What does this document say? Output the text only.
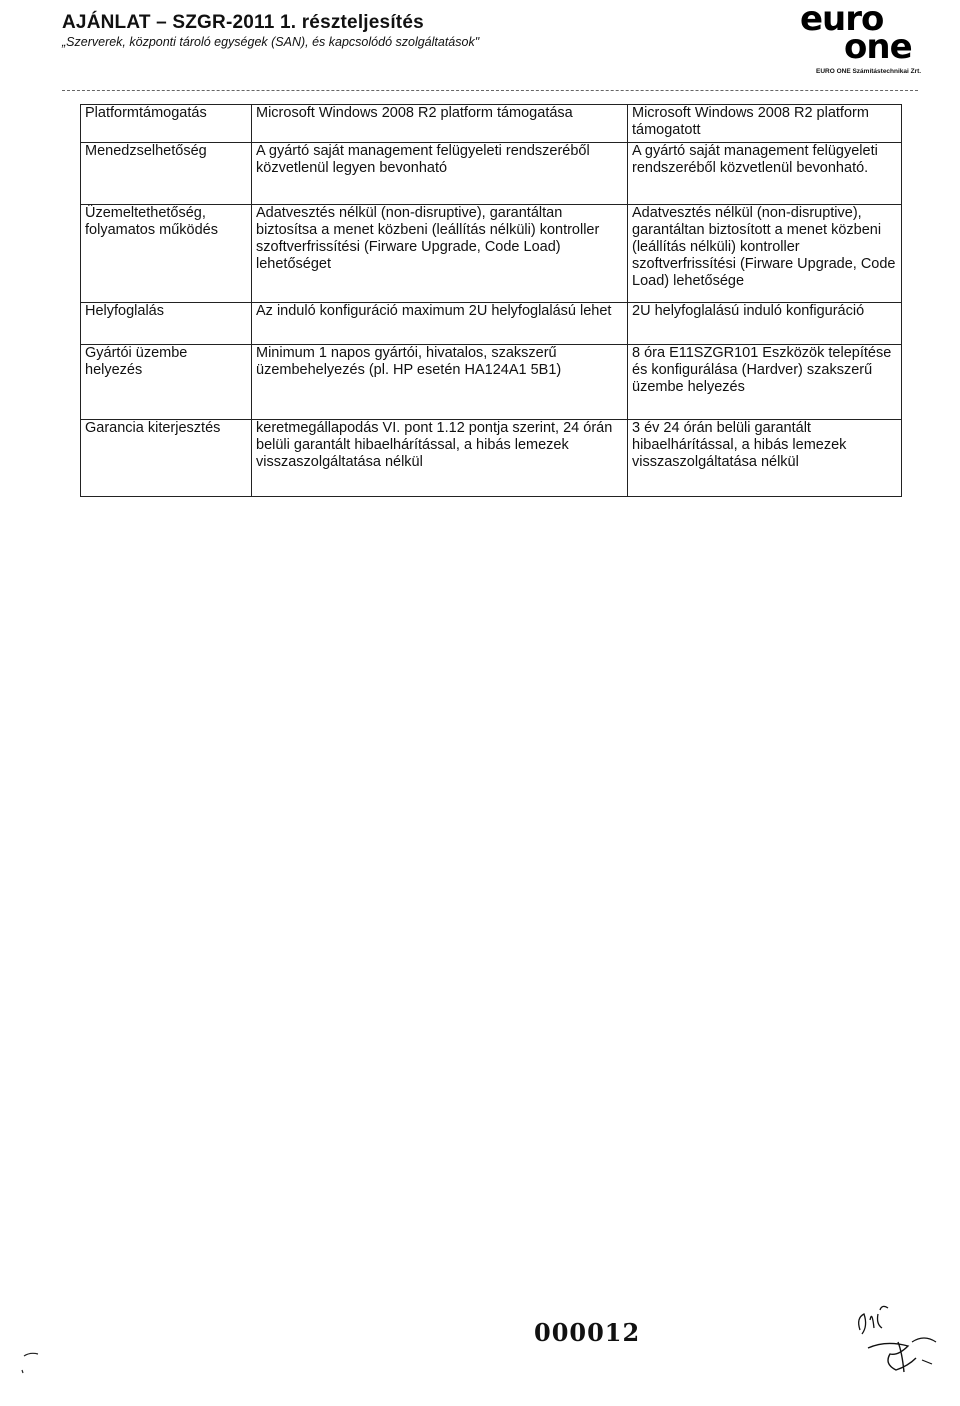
AJÁNLAT – SZGR-2011 1. részteljesítés
„Szerverek, központi tároló egységek (SAN), és kapcsolódó szolgáltatások"
euro
one
EURO ONE Számítástechnikai Zrt.
Platformtámogatás	Microsoft Windows 2008 R2 platform támogatása	Microsoft Windows 2008 R2 platform támogatott
Menedzselhetőség	A gyártó saját management felügyeleti rendszeréből közvetlenül legyen bevonható	A gyártó saját management felügyeleti rendszeréből közvetlenül bevonható.
Üzemeltethetőség, folyamatos működés	Adatvesztés nélkül (non-disruptive), garantáltan biztosítsa a menet közbeni (leállítás nélküli) kontroller szoftverfrissítési (Firware Upgrade, Code Load) lehetőséget	Adatvesztés nélkül (non-disruptive), garantáltan biztosított a menet közbeni (leállítás nélküli) kontroller szoftverfrissítési (Firware Upgrade, Code Load) lehetősége
Helyfoglalás	Az induló konfiguráció maximum 2U helyfoglalású lehet	2U helyfoglalású induló konfiguráció
Gyártói üzembe helyezés	Minimum 1 napos gyártói, hivatalos, szakszerű üzembehelyezés (pl. HP esetén HA124A1 5B1)	8 óra E11SZGR101 Eszközök telepítése és konfigurálása (Hardver) szakszerű üzembe helyezés
Garancia kiterjesztés	keretmegállapodás VI. pont 1.12 pontja szerint, 24 órán belüli garantált hibaelhárítással, a hibás lemezek visszaszolgáltatása nélkül	3 év 24 órán belüli garantált hibaelhárítással, a hibás lemezek visszaszolgáltatása nélkül
000012
